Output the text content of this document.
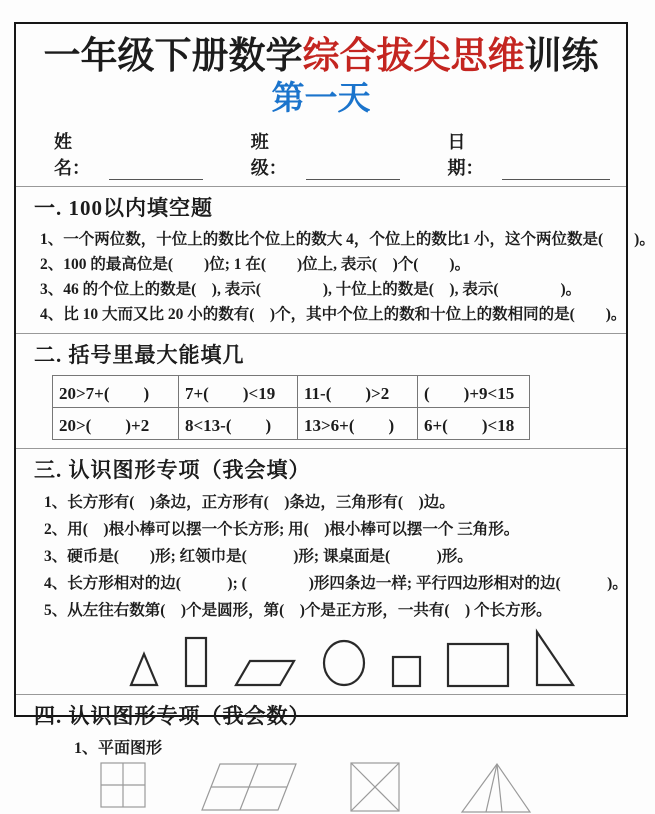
一年级下册数学综合拔尖思维训练
第一天
姓名：
班级：
日期：
一. 100以内填空题
1、一个两位数，十位上的数比个位上的数大 4，个位上的数比1 小，这个两位数是(　　)。
2、100 的最高位是(　　)位; 1 在(　　)位上, 表示(　)个(　　)。
3、46 的个位上的数是(　), 表示(　　　　), 十位上的数是(　), 表示(　　　　)。
4、比 10 大而又比 20 小的数有(　)个，其中个位上的数和十位上的数相同的是(　　)。
二. 括号里最大能填几
20>7+(　　)	7+(　　)<19	11-(　　)>2	(　　)+9<15
20>(　　)+2	8<13-(　　)	13>6+(　　)	6+(　　)<18
三. 认识图形专项（我会填）
1、长方形有(　)条边，正方形有(　)条边，三角形有(　)边。
2、用(　)根小棒可以摆一个长方形; 用(　)根小棒可以摆一个 三角形。
3、硬币是(　　)形; 红领巾是(　　　)形; 课桌面是(　　　)形。
4、长方形相对的边(　　　); (　　　　)形四条边一样; 平行四边形相对的边(　　　)。
5、从左往右数第(　)个是圆形，第(　)个是正方形，一共有(　) 个长方形。
四. 认识图形专项（我会数）
1、平面图形
